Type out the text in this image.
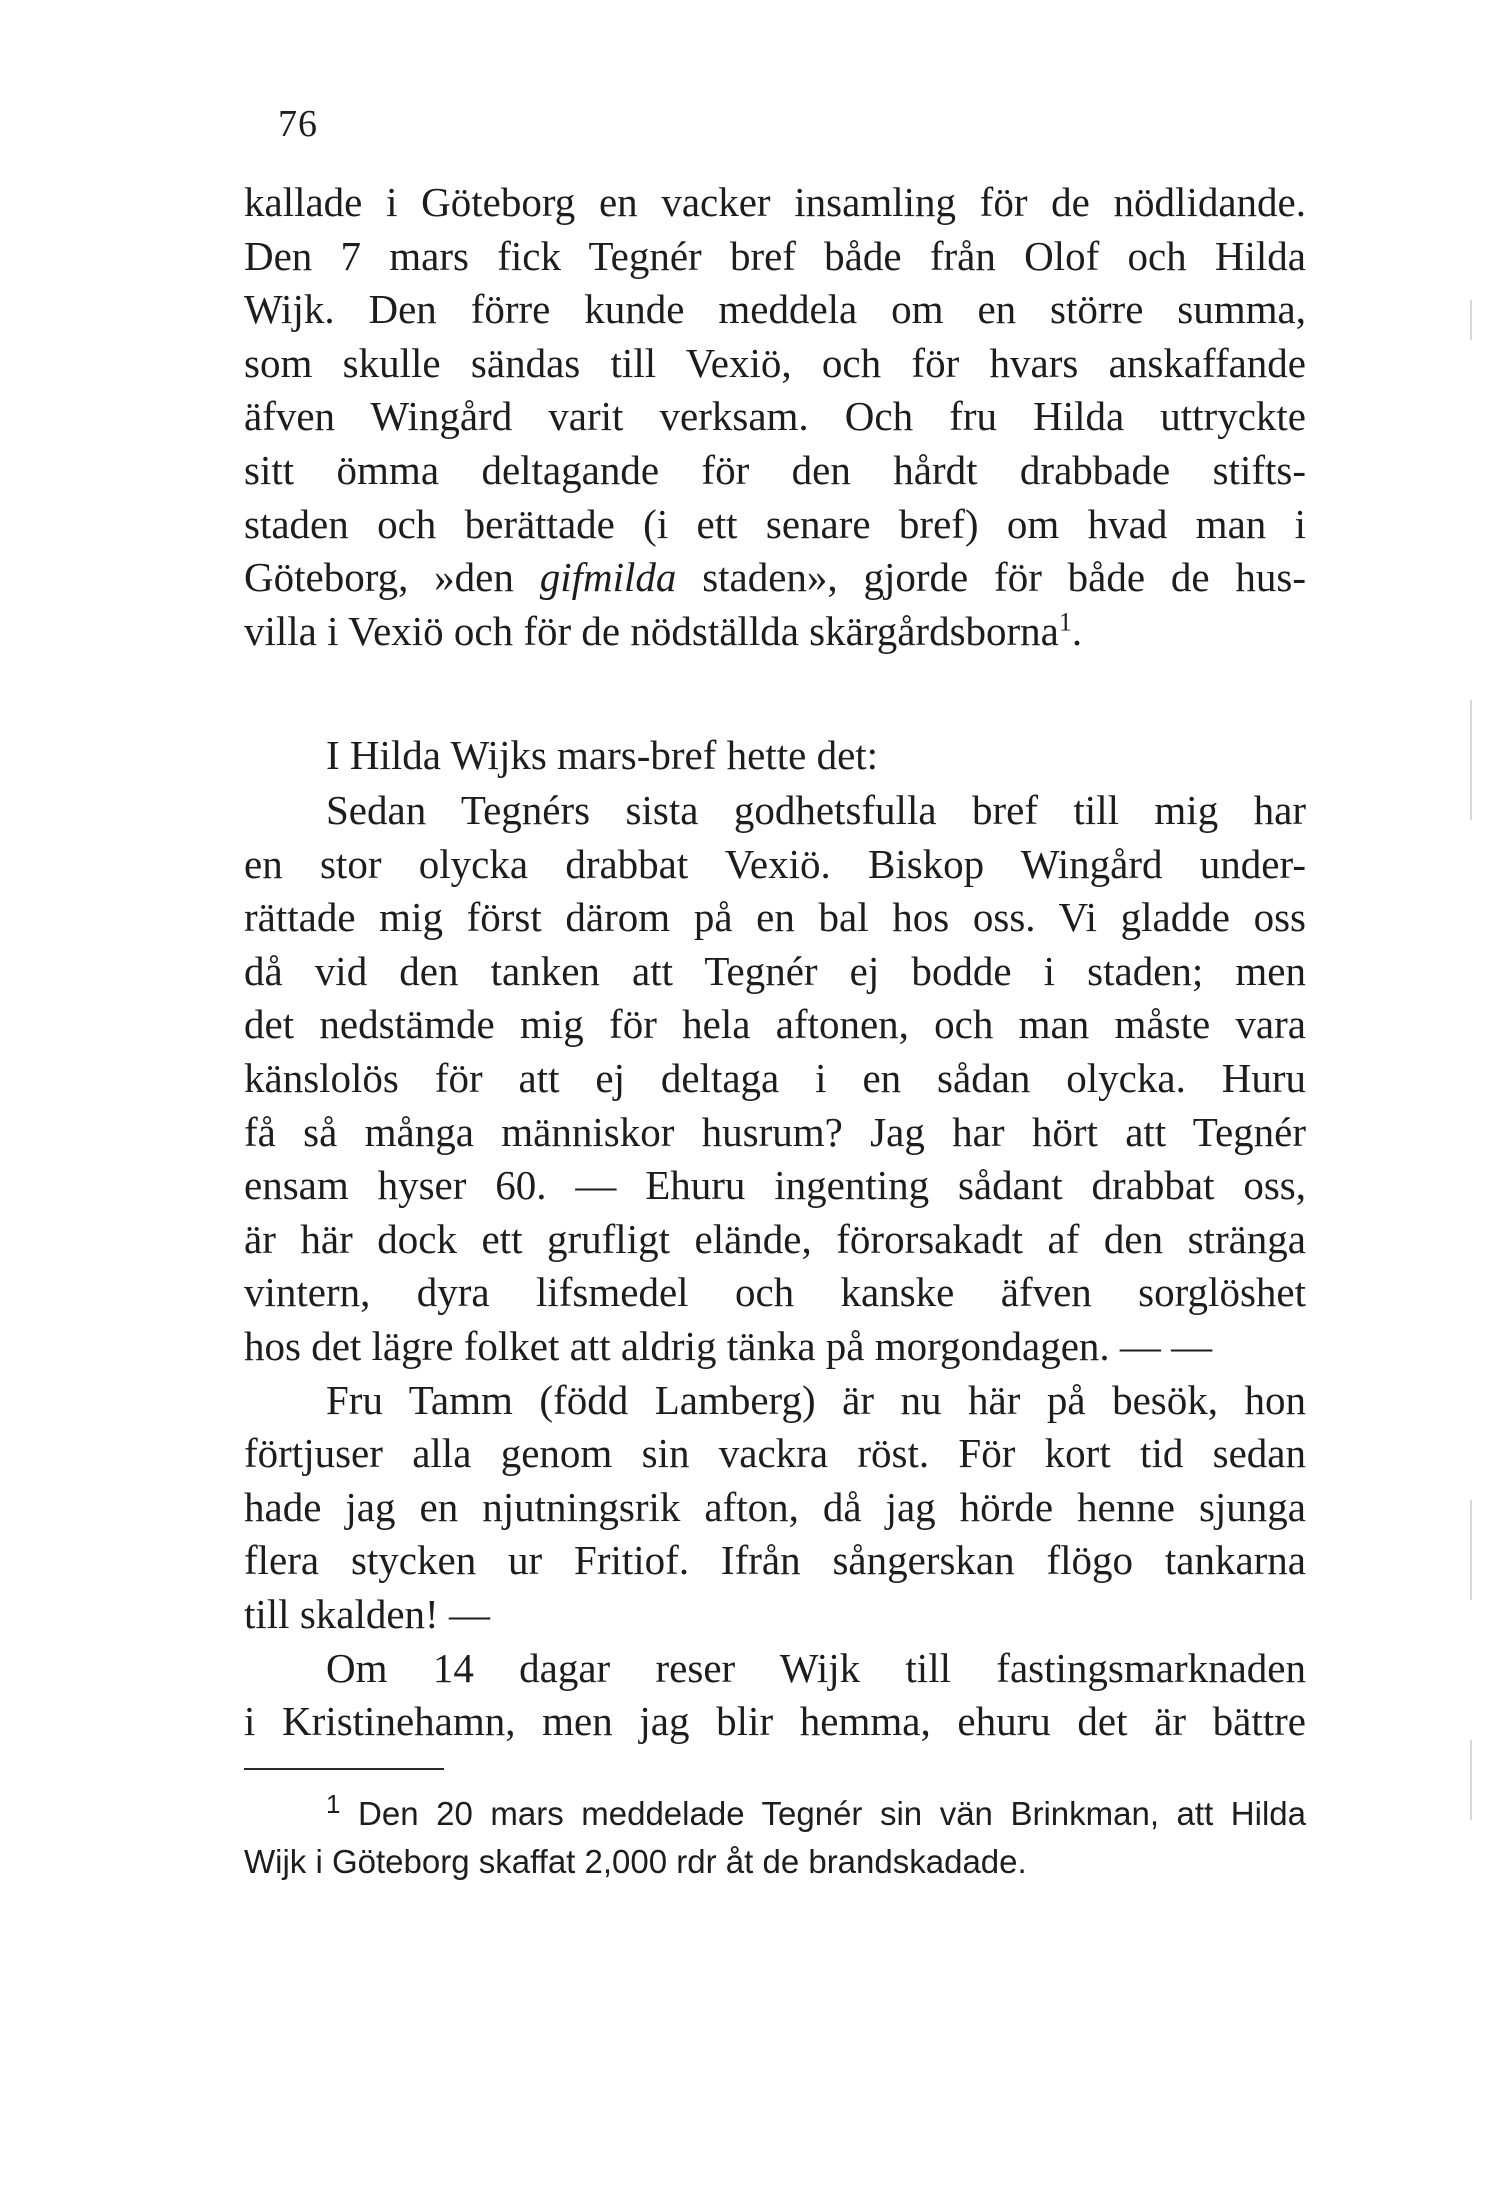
76
kallade i Göteborg en vacker insamling för de nödlidande.
Den 7 mars fick Tegnér bref både från Olof och Hilda
Wijk. Den förre kunde meddela om en större summa,
som skulle sändas till Vexiö, och för hvars anskaffande
äfven Wingård varit verksam. Och fru Hilda uttryckte
sitt ömma deltagande för den hårdt drabbade stifts-
staden och berättade (i ett senare bref) om hvad man i
Göteborg, »den gifmilda staden», gjorde för både de hus-
villa i Vexiö och för de nödställda skärgårdsborna$^1$.
I Hilda Wijks mars-bref hette det:
Sedan Tegnérs sista godhetsfulla bref till mig har
en stor olycka drabbat Vexiö. Biskop Wingård under-
rättade mig först därom på en bal hos oss. Vi gladde oss
då vid den tanken att Tegnér ej bodde i staden; men
det nedstämde mig för hela aftonen, och man måste vara
känslolös för att ej deltaga i en sådan olycka. Huru
få så många människor husrum? Jag har hört att Tegnér
ensam hyser 60. — Ehuru ingenting sådant drabbat oss,
är här dock ett grufligt elände, förorsakadt af den stränga
vintern, dyra lifsmedel och kanske äfven sorglöshet
hos det lägre folket att aldrig tänka på morgondagen. — —
Fru Tamm (född Lamberg) är nu här på besök, hon
förtjuser alla genom sin vackra röst. För kort tid sedan
hade jag en njutningsrik afton, då jag hörde henne sjunga
flera stycken ur Fritiof. Ifrån sångerskan flögo tankarna
till skalden! —
Om 14 dagar reser Wijk till fastingsmarknaden
i Kristinehamn, men jag blir hemma, ehuru det är bättre
$^1$ Den 20 mars meddelade Tegnér sin vän Brinkman, att Hilda
Wijk i Göteborg skaffat 2,000 rdr åt de brandskadade.
